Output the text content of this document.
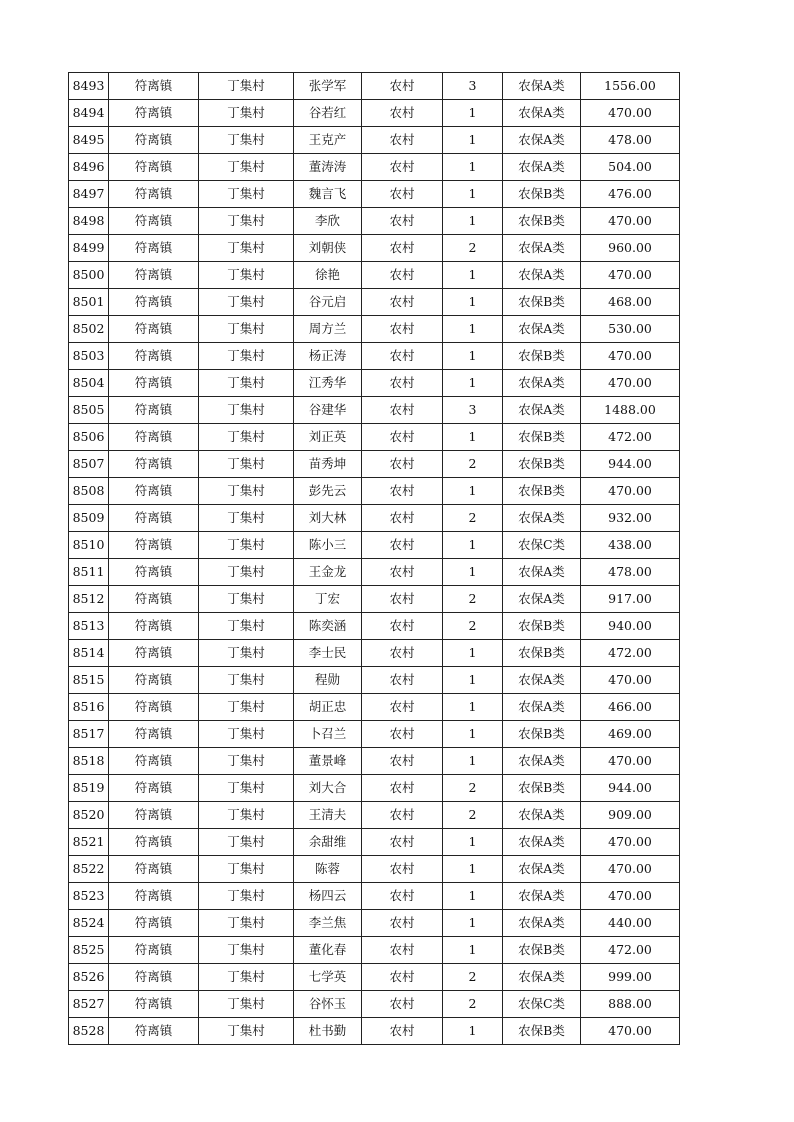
8493	符离镇	丁集村	张学军	农村	3	农保A类	1556.00
8494	符离镇	丁集村	谷若红	农村	1	农保A类	470.00
8495	符离镇	丁集村	王克产	农村	1	农保A类	478.00
8496	符离镇	丁集村	董涛涛	农村	1	农保A类	504.00
8497	符离镇	丁集村	魏言飞	农村	1	农保B类	476.00
8498	符离镇	丁集村	李欣	农村	1	农保B类	470.00
8499	符离镇	丁集村	刘朝侠	农村	2	农保A类	960.00
8500	符离镇	丁集村	徐艳	农村	1	农保A类	470.00
8501	符离镇	丁集村	谷元启	农村	1	农保B类	468.00
8502	符离镇	丁集村	周方兰	农村	1	农保A类	530.00
8503	符离镇	丁集村	杨正涛	农村	1	农保B类	470.00
8504	符离镇	丁集村	江秀华	农村	1	农保A类	470.00
8505	符离镇	丁集村	谷建华	农村	3	农保A类	1488.00
8506	符离镇	丁集村	刘正英	农村	1	农保B类	472.00
8507	符离镇	丁集村	苗秀坤	农村	2	农保B类	944.00
8508	符离镇	丁集村	彭先云	农村	1	农保B类	470.00
8509	符离镇	丁集村	刘大林	农村	2	农保A类	932.00
8510	符离镇	丁集村	陈小三	农村	1	农保C类	438.00
8511	符离镇	丁集村	王金龙	农村	1	农保A类	478.00
8512	符离镇	丁集村	丁宏	农村	2	农保A类	917.00
8513	符离镇	丁集村	陈奕涵	农村	2	农保B类	940.00
8514	符离镇	丁集村	李士民	农村	1	农保B类	472.00
8515	符离镇	丁集村	程勋	农村	1	农保A类	470.00
8516	符离镇	丁集村	胡正忠	农村	1	农保A类	466.00
8517	符离镇	丁集村	卜召兰	农村	1	农保B类	469.00
8518	符离镇	丁集村	董景峰	农村	1	农保A类	470.00
8519	符离镇	丁集村	刘大合	农村	2	农保B类	944.00
8520	符离镇	丁集村	王清夫	农村	2	农保A类	909.00
8521	符离镇	丁集村	余甜维	农村	1	农保A类	470.00
8522	符离镇	丁集村	陈蓉	农村	1	农保A类	470.00
8523	符离镇	丁集村	杨四云	农村	1	农保A类	470.00
8524	符离镇	丁集村	李兰焦	农村	1	农保A类	440.00
8525	符离镇	丁集村	董化春	农村	1	农保B类	472.00
8526	符离镇	丁集村	七学英	农村	2	农保A类	999.00
8527	符离镇	丁集村	谷怀玉	农村	2	农保C类	888.00
8528	符离镇	丁集村	杜书勤	农村	1	农保B类	470.00
